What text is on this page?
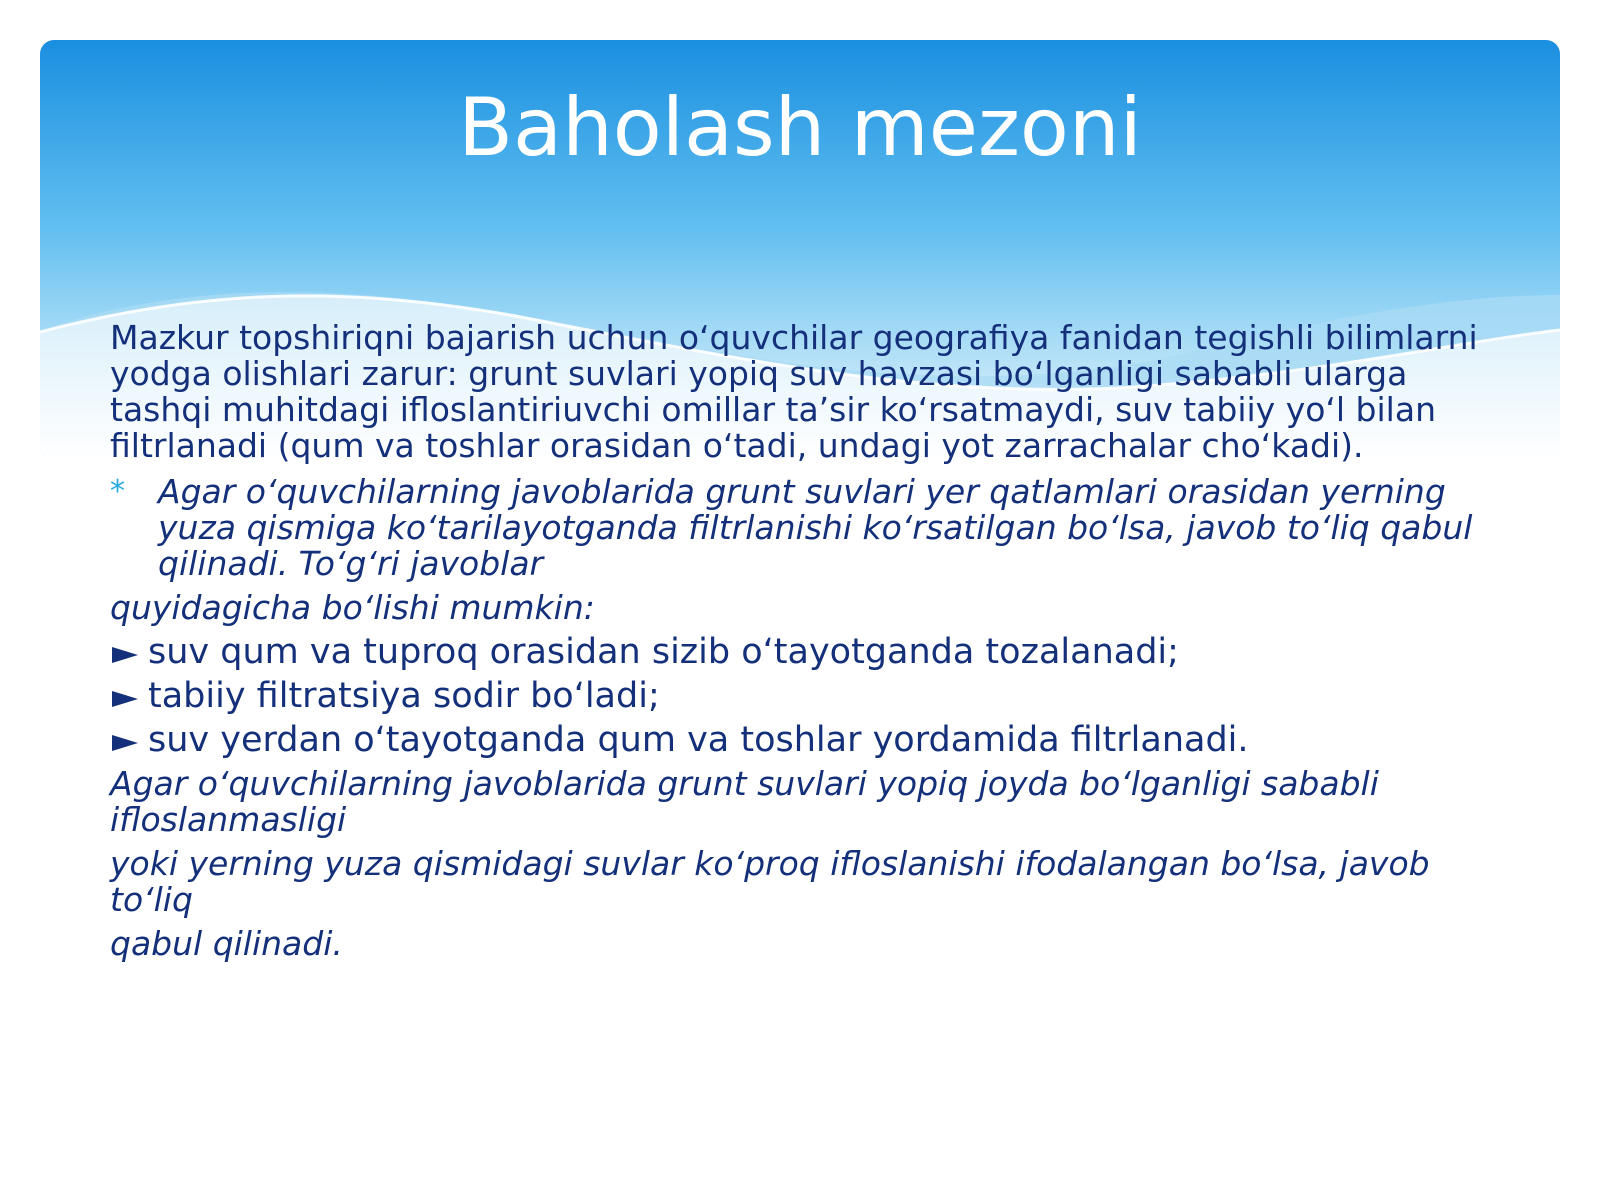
Baholash mezoni

Mazkur topshiriqni bajarish uchun oʻquvchilar geografiya fanidan tegishli bilimlarni yodga olishlari zarur: grunt suvlari yopiq suv havzasi boʻlganligi sababli ularga tashqi muhitdagi ifloslantiriuvchi omillar taʼsir koʻrsatmaydi, suv tabiiy yoʻl bilan filtrlanadi (qum va toshlar orasidan oʻtadi, undagi yot zarrachalar choʻkadi).

* Agar oʻquvchilarning javoblarida grunt suvlari yer qatlamlari orasidan yerning yuza qismiga koʻtarilayotganda filtrlanishi koʻrsatilgan boʻlsa, javob toʻliq qabul qilinadi. Toʻgʻri javoblar

quyidagicha boʻlishi mumkin:

suv qum va tuproq orasidan sizib oʻtayotganda tozalanadi;
tabiiy filtratsiya sodir boʻladi;
suv yerdan oʻtayotganda qum va toshlar yordamida filtrlanadi.
Agar oʻquvchilarning javoblarida grunt suvlari yopiq joyda boʻlganligi sababli ifloslanmasligi
yoki yerning yuza qismidagi suvlar koʻproq ifloslanishi ifodalangan boʻlsa, javob toʻliq
qabul qilinadi.
